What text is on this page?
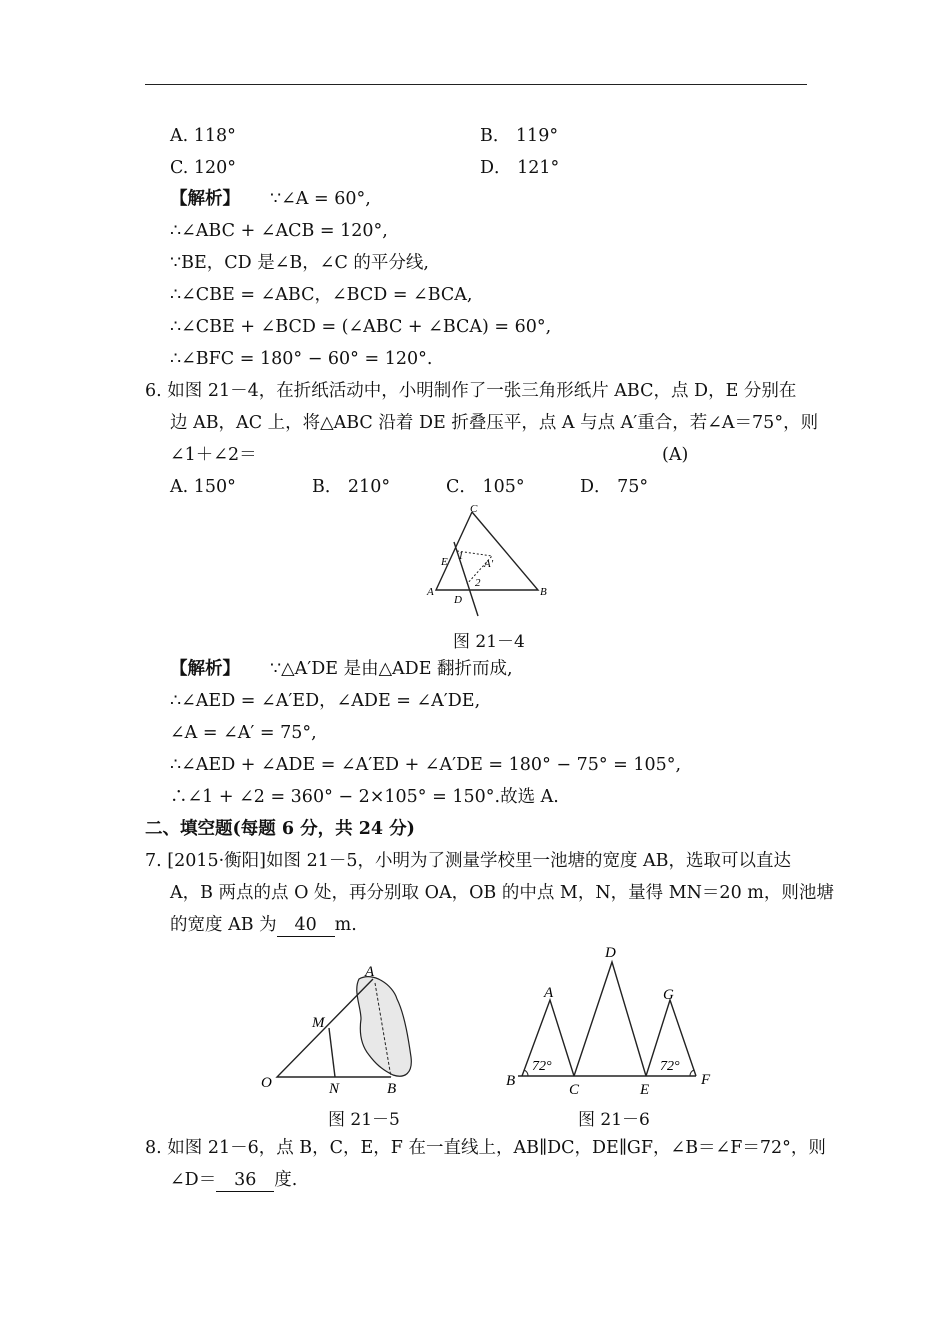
A. 118°	B． 119°
C. 120°	D． 121°
【解析】 ∵∠A = 60°,
∴∠ABC + ∠ACB = 120°,
∵BE，CD 是∠B，∠C 的平分线,
∴∠CBE = ∠ABC，∠BCD = ∠BCA,
∴∠CBE + ∠BCD = (∠ABC + ∠BCA) = 60°,
∴∠BFC = 180° − 60° = 120°.
6. 如图 21－4，在折纸活动中，小明制作了一张三角形纸片 ABC，点 D，E 分别在
边 AB，AC 上，将△ABC 沿着 DE 折叠压平，点 A 与点 A′重合，若∠A＝75°，则
∠1＋∠2＝	(A)
A. 150°	B． 210°	C． 105°	D． 75°
C
E 1
A′
2
A
D
B
图 21－4
【解析】 ∵△A′DE 是由△ADE 翻折而成,
∴∠AED = ∠A′ED，∠ADE = ∠A′DE,
∠A = ∠A′ = 75°,
∴∠AED + ∠ADE = ∠A′ED + ∠A′DE = 180° − 75° = 105°,
∴∠1 + ∠2 = 360° − 2×105° = 150°.故选 A.
二、填空题(每题 6 分，共 24 分)
7. [2015·衡阳]如图 21－5，小明为了测量学校里一池塘的宽度 AB，选取可以直达
A，B 两点的点 O 处，再分别取 OA，OB 的中点 M，N，量得 MN＝20 m，则池塘
的宽度 AB 为 40 m.
A
M
O	N	B
图 21－5
D
A	G
B
C	E
F
72°	72°
图 21－6
8. 如图 21－6，点 B，C，E，F 在一直线上，AB∥DC，DE∥GF，∠B＝∠F＝72°，则
∠D＝ 36 度.
